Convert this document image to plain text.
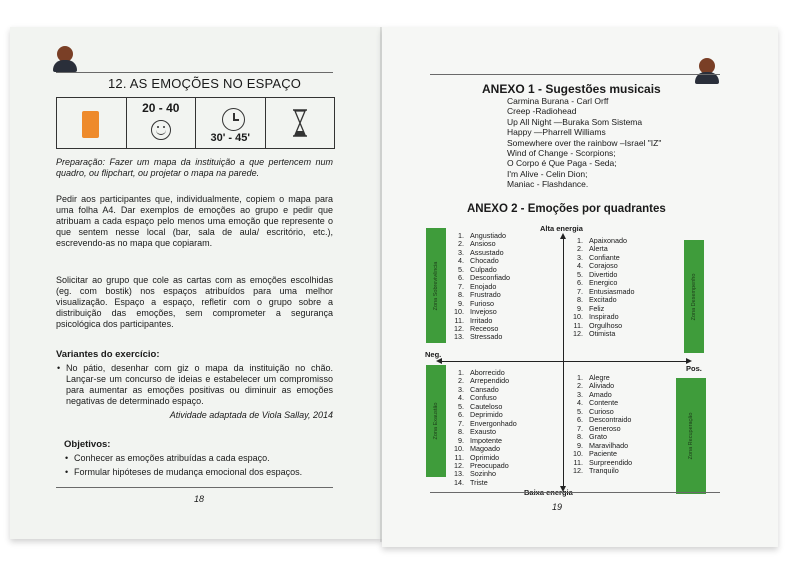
12. AS EMOÇÕES NO ESPAÇO
20 - 40
30' - 45'
Preparação: Fazer um mapa da instituição a que pertencem num quadro, ou flipchart, ou projetar o mapa na parede.
Pedir aos participantes que, individualmente, copiem o mapa para uma folha A4. Dar exemplos de emoções ao grupo e pedir que atribuam a cada espaço pelo menos uma emoção que represente o que sentem nesse local (bar, sala de aula/ escritório, etc.), escrevendo-as no mapa que copiaram.
Solicitar ao grupo que cole as cartas com as emoções escolhidas (eg. com bostik) nos espaços atribuídos para uma melhor visualização. Espaço a espaço, refletir com o grupo sobre a distribuição das emoções, sem comprometer a segurança psicológica dos participantes.
Variantes do exercício:
• No pátio, desenhar com giz o mapa da instituição no chão. Lançar-se um concurso de ideias e estabelecer um compromisso para aumentar as emoções positivas ou diminuir as emoções negativas de determinado espaço.
Atividade adaptada de Viola Sallay, 2014
Objetivos:
• Conhecer as emoções atribuídas a cada espaço.
• Formular hipóteses de mudança emocional dos espaços.
18
ANEXO 1 - Sugestões musicais
Carmina Burana - Carl Orff
Creep -Radiohead
Up All Night —Buraka Som Sistema
Happy —Pharrell Williams
Somewhere over the rainbow –Israel "IZ"
Wind of Change - Scorpions;
O Corpo é Que Paga - Seda;
I'm Alive - Celin Dion;
Maniac - Flashdance.
ANEXO 2 - Emoções por quadrantes
Alta energia
Neg.
Pos.
Zona Sobrevivência	Zona Desempenho
Zona Exaustão	Zona Recuperação
1. Angustiado
2. Ansioso
3. Assustado
4. Chocado
5. Culpado
6. Desconfiado
7. Enojado
8. Frustrado
9. Furioso
10. Invejoso
11. Irritado
12. Receoso
13. Stressado
1. Apaixonado
2. Alerta
3. Confiante
4. Corajoso
5. Divertido
6. Energico
7. Entusiasmado
8. Excitado
9. Feliz
10. Inspirado
11. Orgulhoso
12. Otimista
1. Aborrecido
2. Arrependido
3. Cansado
4. Confuso
5. Cauteloso
6. Deprimido
7. Envergonhado
8. Exausto
9. Impotente
10. Magoado
11. Oprimido
12. Preocupado
13. Sozinho
14. Triste
1. Alegre
2. Aliviado
3. Amado
4. Contente
5. Curioso
6. Descontraido
7. Generoso
8. Grato
9. Maravilhado
10. Paciente
11. Surpreendido
12. Tranquilo
19
